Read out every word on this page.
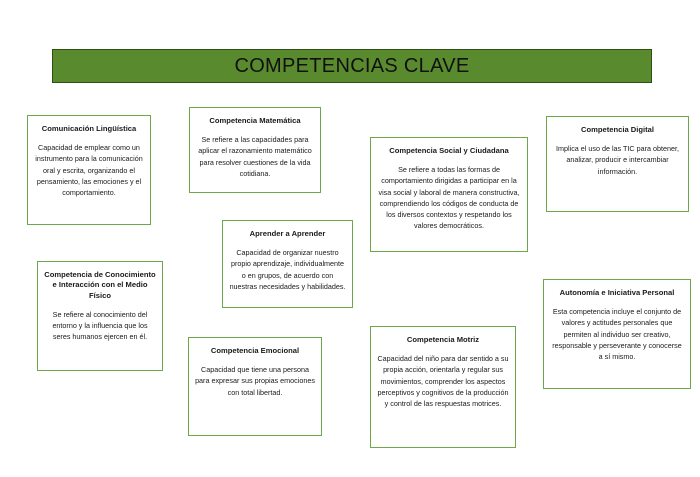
COMPETENCIAS CLAVE
Comunicación Lingüística

Capacidad de emplear como un instrumento para la comunicación oral y escrita, organizando el pensamiento, las emociones y el comportamiento.

Competencia Matemática

Se refiere a las capacidades para aplicar el razonamiento matemático para resolver cuestiones de la vida cotidiana.

Competencia Social y Ciudadana

Se refiere a todas las formas de comportamiento dirigidas a participar en la visa social y laboral de manera constructiva, comprendiendo los códigos de conducta de los diversos contextos y respetando los valores democráticos.

Competencia Digital

Implica el uso de las TIC para obtener, analizar, producir e intercambiar información.

Aprender a Aprender

Capacidad de organizar nuestro propio aprendizaje, individualmente o en grupos, de acuerdo con nuestras necesidades y habilidades.

Competencia de Conocimiento e Interacción con el Medio Físico

Se refiere al conocimiento del entorno y la influencia que los seres humanos ejercen en él.

Autonomía e Iniciativa Personal

Esta competencia incluye el conjunto de valores y actitudes personales que permiten al individuo ser creativo, responsable y perseverante y conocerse a sí mismo.

Competencia Motriz

Capacidad del niño para dar sentido a su propia acción, orientarla y regular sus movimientos, comprender los aspectos perceptivos y cognitivos de la producción y control de las respuestas motrices.

Competencia Emocional

Capacidad que tiene una persona para expresar sus propias emociones con total libertad.
